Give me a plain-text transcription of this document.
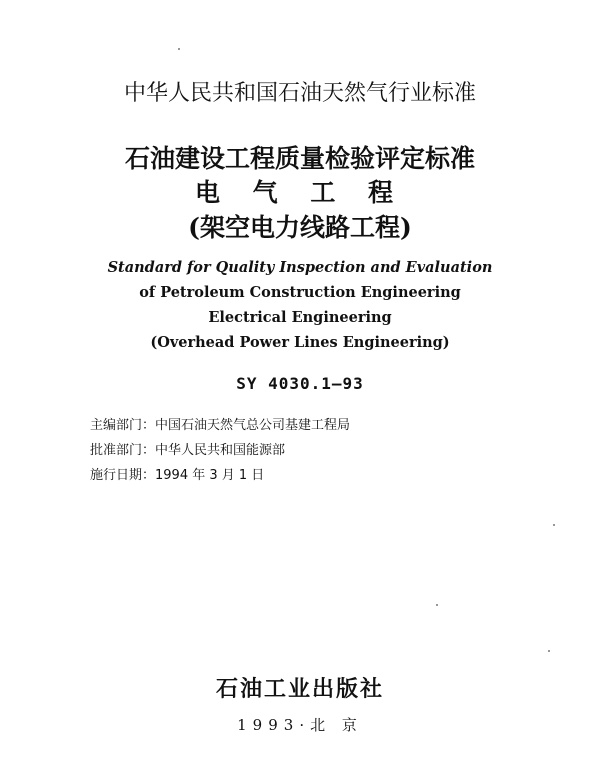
中华人民共和国石油天然气行业标准
石油建设工程质量检验评定标准
电 气 工 程
(架空电力线路工程)
Standard for Quality Inspection and Evaluation
of Petroleum Construction Engineering
Electrical Engineering
(Overhead Power Lines Engineering)
SY 4030.1—93
主编部门：中国石油天然气总公司基建工程局
批准部门：中华人民共和国能源部
施行日期：1994 年 3 月 1 日
石油工业出版社
1993·北 京
